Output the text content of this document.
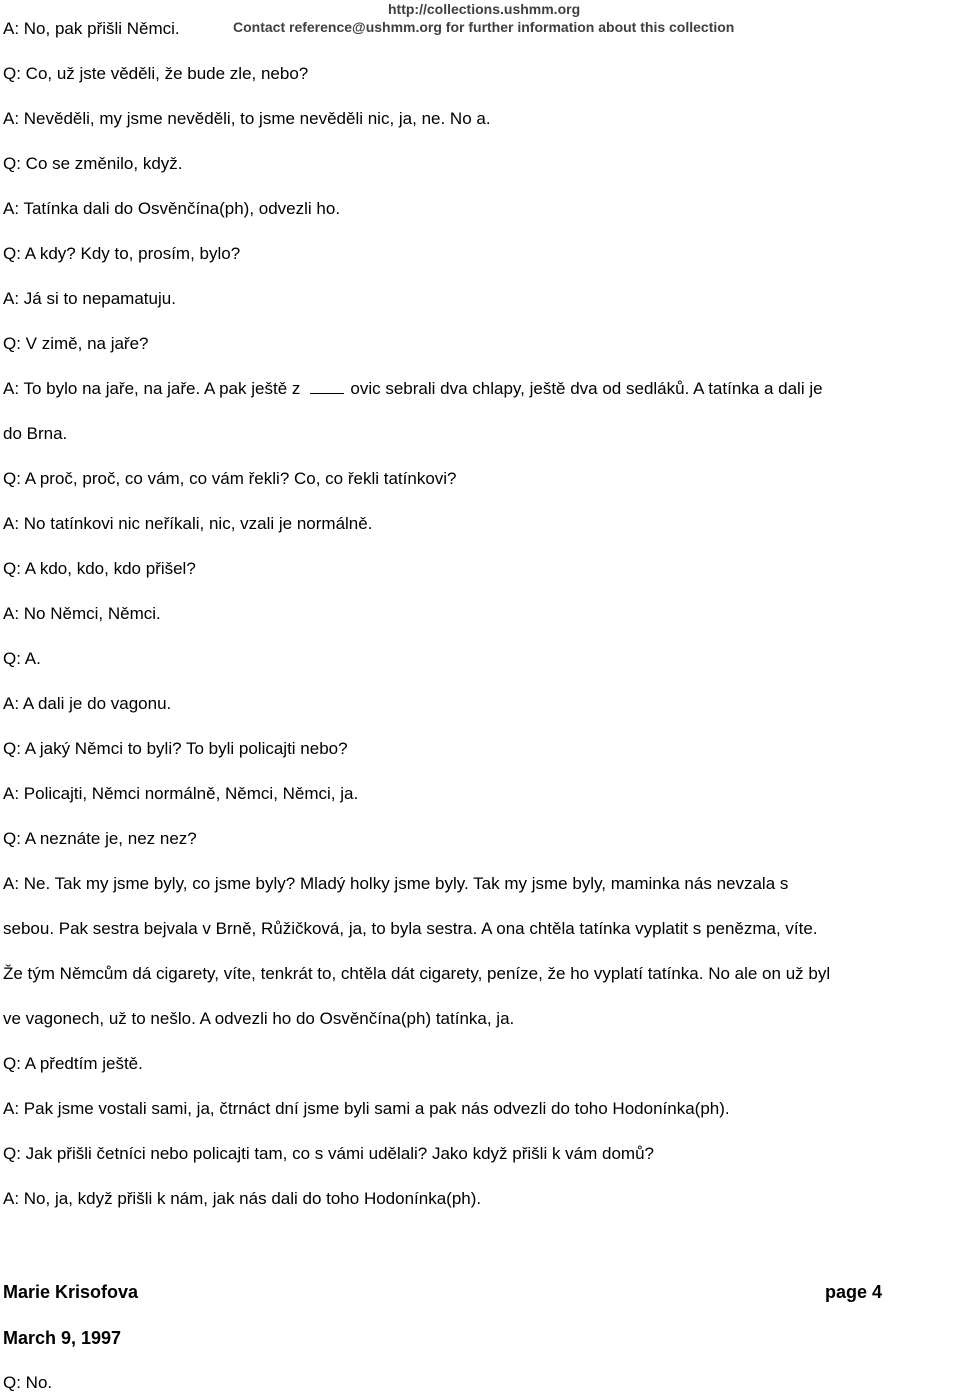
http://collections.ushmm.org
Contact reference@ushmm.org for further information about this collection
A: No, pak přišli Němci.
Q: Co, už jste věděli, že bude zle, nebo?
A: Nevěděli, my jsme nevěděli, to jsme nevěděli nic, ja, ne. No a.
Q: Co se změnilo, když.
A: Tatínka dali do Osvěnčína(ph), odvezli ho.
Q: A kdy? Kdy to, prosím, bylo?
A: Já si to nepamatuju.
Q: V zimě, na jaře?
A: To bylo na jaře, na jaře. A pak ještě z	ovic sebrali dva chlapy, ještě dva od sedláků. A tatínka a dali je
do Brna.
Q: A proč, proč, co vám, co vám řekli? Co, co řekli tatínkovi?
A: No tatínkovi nic neříkali, nic, vzali je normálně.
Q: A kdo, kdo, kdo přišel?
A: No Němci, Němci.
Q: A.
A: A dali je do vagonu.
Q: A jaký Němci to byli? To byli policajti nebo?
A: Policajti, Němci normálně, Němci, Němci, ja.
Q: A neznáte je, nez nez?
A: Ne. Tak my jsme byly, co jsme byly? Mladý holky jsme byly. Tak my jsme byly, maminka nás nevzala s
sebou. Pak sestra bejvala v Brně, Růžičková, ja, to byla sestra. A ona chtěla tatínka vyplatit s penězma, víte.
Že tým Němcům dá cigarety, víte, tenkrát to, chtěla dát cigarety, peníze, že ho vyplatí tatínka. No ale on už byl
ve vagonech, už to nešlo. A odvezli ho do Osvěnčína(ph) tatínka, ja.
Q: A předtím ještě.
A: Pak jsme vostali sami, ja, čtrnáct dní jsme byli sami a pak nás odvezli do toho Hodonínka(ph).
Q: Jak přišli četníci nebo policajti tam, co s vámi udělali? Jako když přišli k vám domů?
A: No, ja, když přišli k nám, jak nás dali do toho Hodonínka(ph).
Marie Krisofova	page 4
March 9, 1997
Q: No.
